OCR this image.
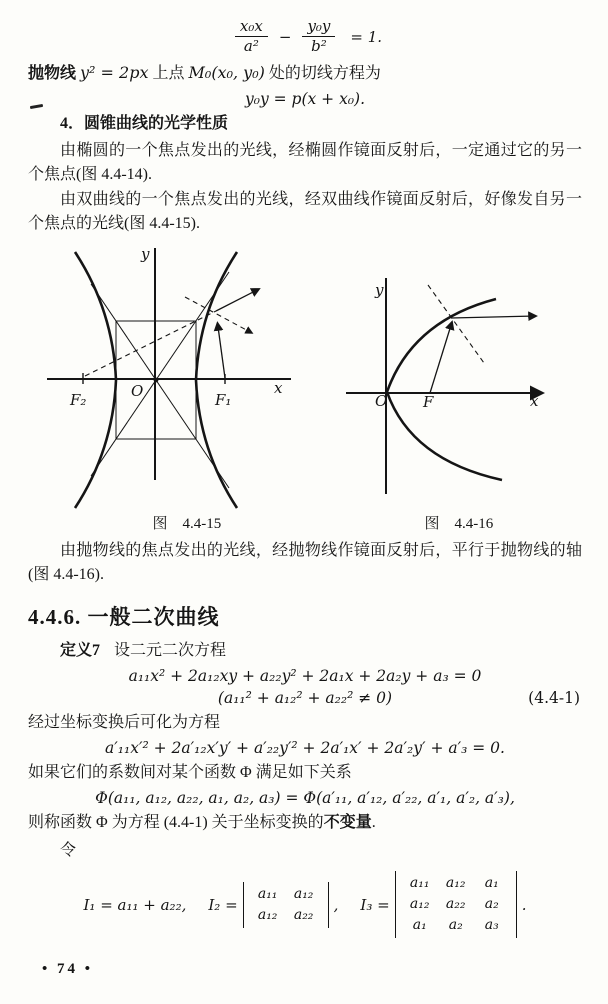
$\frac{\text{x₀x}}{\text{a²}} - \frac{\text{y₀y}}{\text{b²}} = 1$.
抛物线 y² = 2px 上点 M₀(x₀, y₀) 处的切线方程为
y₀y = p(x + x₀).
4．圆锥曲线的光学性质

由椭圆的一个焦点发出的光线，经椭圆作镜面反射后，一定通过它的另一个焦点(图 4.4-14).

由双曲线的一个焦点发出的光线，经双曲线作镜面反射后，好像发自另一个焦点的光线(图 4.4-15).

y
x
O
F₂	F₁
y
x
O F
图　4.4-15	图　4.4-16

由抛物线的焦点发出的光线，经抛物线作镜面反射后，平行于抛物线的轴(图 4.4-16).

4.4.6. 一般二次曲线
定义7 设二元二次方程
a₁₁x² + 2a₁₂xy + a₂₂y² + 2a₁x + 2a₂y + a₃ = 0
(a₁₁² + a₁₂² + a₂₂² ≠ 0)	(4.4-1)
经过坐标变换后可化为方程
a′₁₁x′² + 2a′₁₂x′y′ + a′₂₂y′² + 2a′₁x′ + 2a′₂y′ + a′₃ = 0.
如果它们的系数间对某个函数 Φ 满足如下关系
Φ(a₁₁, a₁₂, a₂₂, a₁, a₂, a₃) = Φ(a′₁₁, a′₁₂, a′₂₂, a′₁, a′₂, a′₃),
则称函数 Φ 为方程 (4.4-1) 关于坐标变换的不变量.
令
I₁ = a₁₁ + a₂₂, I₂ =
a₁₁	a₁₂
a₁₂	a₂₂
, I₃ =
a₁₁	a₁₂	a₁
a₁₂	a₂₂	a₂
a₁	a₂	a₃
.
• 74 •
